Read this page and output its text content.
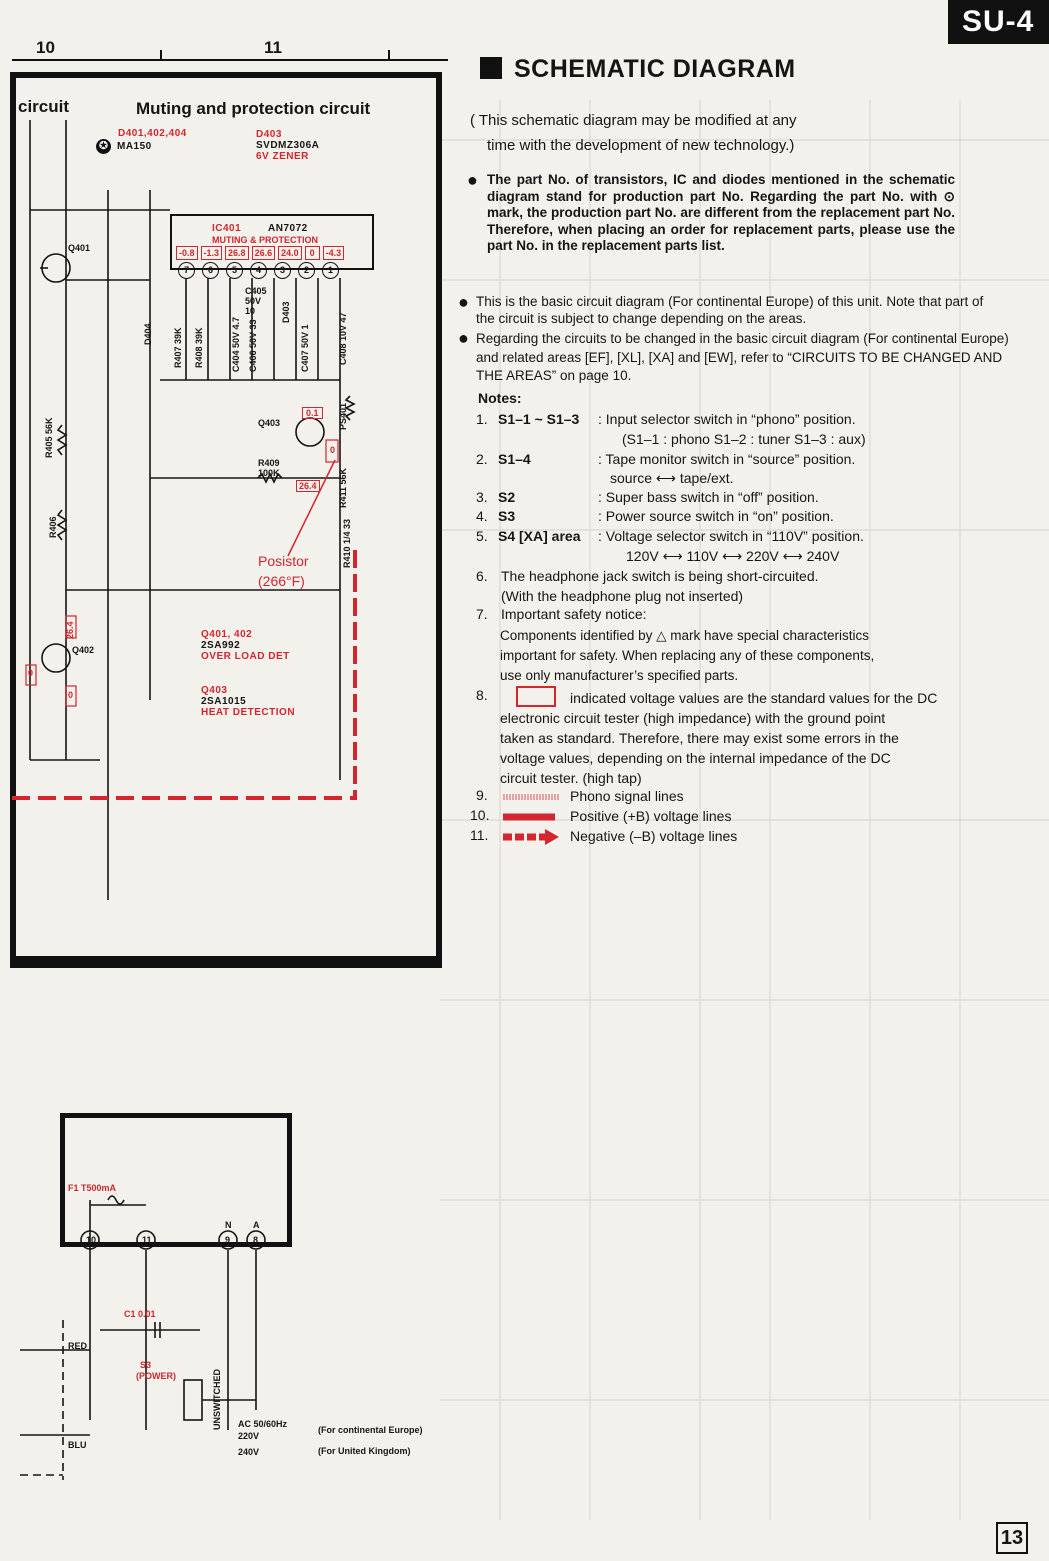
SU-4
10	11
circuit	Muting and protection circuit
D401,402,404
✪ MA150
D403
SVDMZ306A
6V ZENER
IC401	AN7072
MUTING & PROTECTION
-0.8	-1.3	26.8	26.6	24.0	0	-4.3
7	6	5	4	3	2	1
Q401
Q402
Q403
D404
D403
R405 56K
R406
R407 39K R408 39K	C404 50V 4.7
C405 50V 10
C406 50V 33	C407 50V 1	C408 10V 47
R409 100K
R410 1/4 33
R411 56K
PS401
0.1
0
26.4
26.4
0
0
Posistor
(266°F)
Q401, 402
2SA992
OVER LOAD DET
Q403
2SA1015
HEAT DETECTION
10	11	9	8
N A
F1 T500mA
C1 0.01
S3
(POWER)	UNSWITCHED
RED
BLU
AC 50/60Hz
220V
240V
(For continental Europe)
(For United Kingdom)
SCHEMATIC DIAGRAM
( This schematic diagram may be modified at any
time with the development of new technology.)
● The part No. of transistors, IC and diodes mentioned in the schematic diagram stand for production part No. Regarding the part No. with ⊙ mark, the production part No. are different from the replacement part No. Therefore, when placing an order for replacement parts, please use the part No. in the replacement parts list.
● This is the basic circuit diagram (For continental Europe) of this unit. Note that part of the circuit is subject to change depending on the areas.
● Regarding the circuits to be changed in the basic circuit diagram (For continental Europe) and related areas [EF], [XL], [XA] and [EW], refer to “CIRCUITS TO BE CHANGED AND THE AREAS” on page 10.
Notes:
1. S1–1 ~ S1–3 : Input selector switch in “phono” position.
(S1–1 : phono S1–2 : tuner S1–3 : aux)
2. S1–4	: Tape monitor switch in “source” position.
source ⟷ tape/ext.
3. S2	: Super bass switch in “off” position.
4. S3	: Power source switch in “on” position.
5. S4 [XA] area : Voltage selector switch in “110V” position.
120V ⟷ 110V ⟷ 220V ⟷ 240V
6. The headphone jack switch is being short-circuited.
(With the headphone plug not inserted)
7. Important safety notice:
Components identified by △ mark have special characteristics
important for safety. When replacing any of these components,
use only manufacturer’s specified parts.
8.	indicated voltage values are the standard values for the DC
electronic circuit tester (high impedance) with the ground point
taken as standard. Therefore, there may exist some errors in the
voltage values, depending on the internal impedance of the DC
circuit tester. (high tap)
9.	Phono signal lines
10.	Positive (+B) voltage lines
11.	Negative (–B) voltage lines
13
